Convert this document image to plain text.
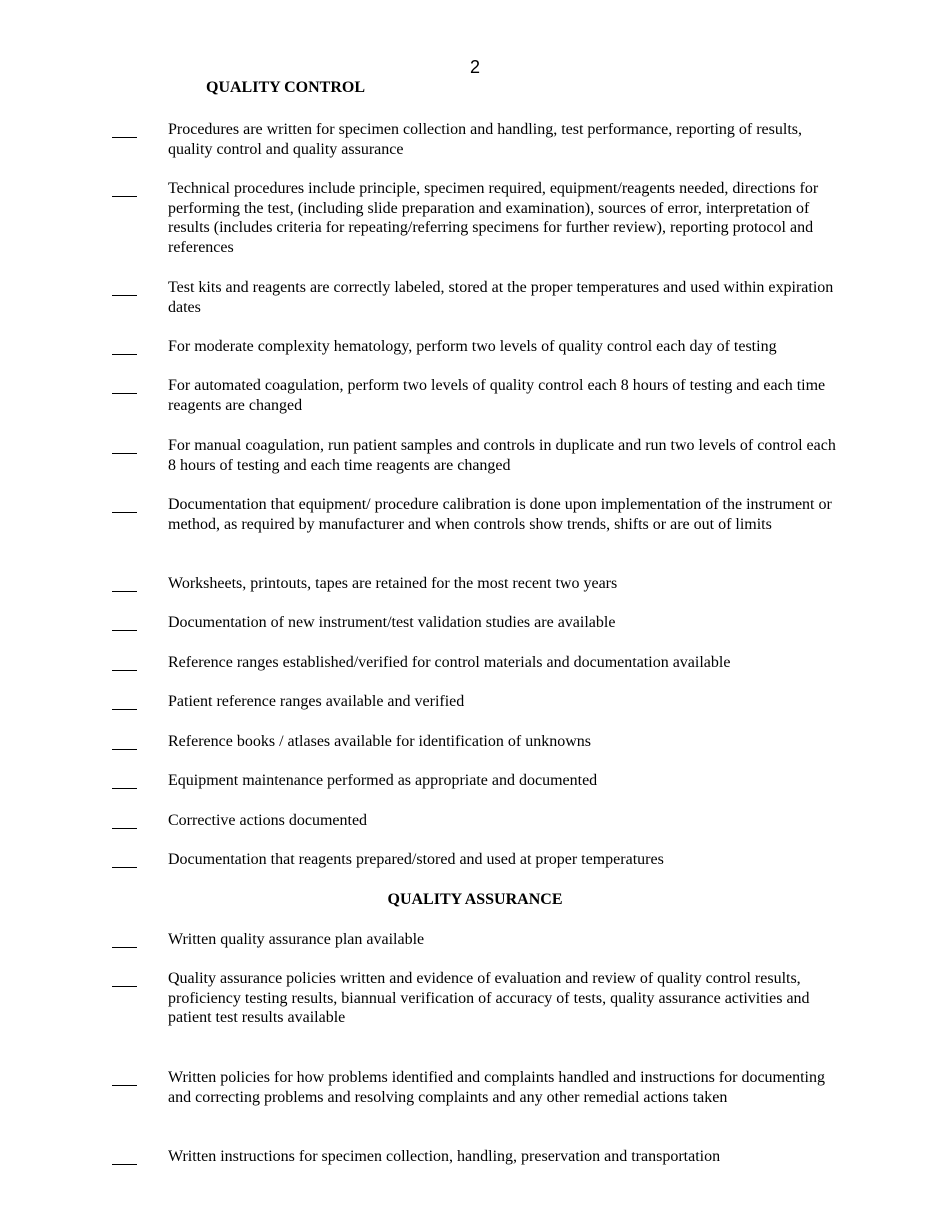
2
QUALITY CONTROL
Procedures are written for specimen collection and handling, test performance, reporting of results, quality control and quality assurance
Technical procedures include principle, specimen required, equipment/reagents needed, directions for performing the test, (including slide preparation and examination), sources of error, interpretation of results (includes criteria for repeating/referring specimens for further review), reporting protocol and references
Test kits and reagents are correctly labeled, stored at the proper temperatures and used within expiration dates
For moderate complexity hematology, perform two levels of quality control each day of testing
For automated coagulation, perform two levels of quality control each 8 hours of testing and each time reagents are changed
For manual coagulation, run patient samples and controls in duplicate and run two levels of control each 8 hours of testing and each time reagents are changed
Documentation that equipment/ procedure calibration is done upon implementation of the instrument or method, as required by manufacturer and when controls show trends, shifts or are out of limits
Worksheets, printouts, tapes are retained for the most recent two years
Documentation of new instrument/test validation studies are available
Reference ranges established/verified for control materials and documentation available
Patient reference ranges available and verified
Reference books / atlases available for identification of unknowns
Equipment maintenance performed as appropriate and documented
Corrective actions documented
Documentation that reagents prepared/stored and used at proper temperatures
QUALITY ASSURANCE
Written quality assurance plan available
Quality assurance policies written and evidence of evaluation and review of quality control results, proficiency testing results, biannual verification of accuracy of tests, quality assurance activities and patient test results available
Written policies for how problems identified and complaints handled and instructions for documenting and correcting problems and resolving complaints and any other remedial actions taken
Written instructions for specimen collection, handling, preservation and transportation
